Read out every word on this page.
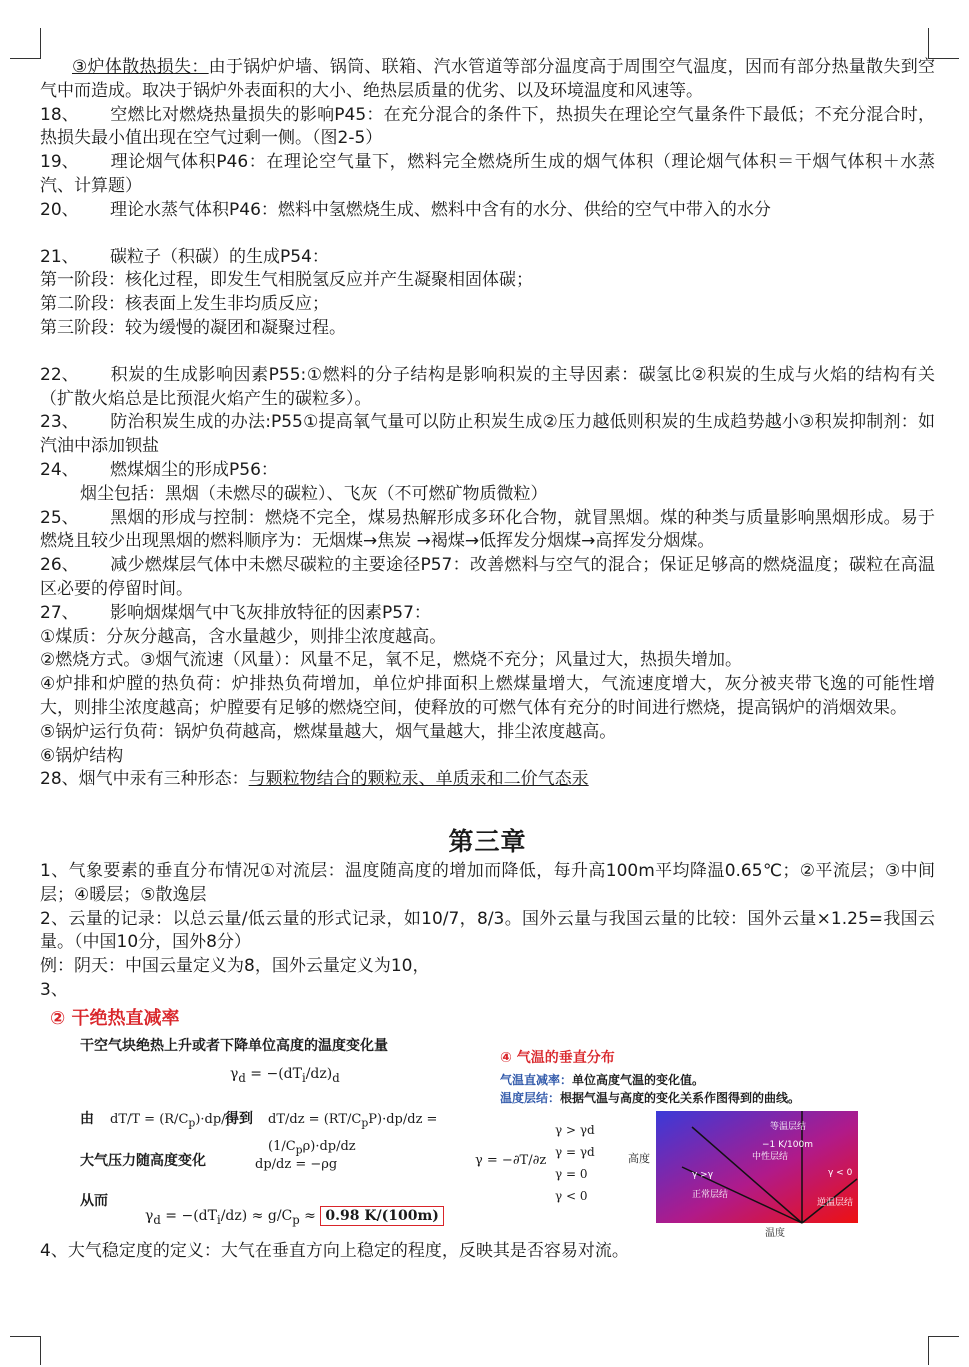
③炉体散热损失：由于锅炉炉墙、锅筒、联箱、汽水管道等部分温度高于周围空气温度，因而有部分热量散失到空气中而造成。取决于锅炉外表面积的大小、绝热层质量的优劣、以及环境温度和风速等。

18、 空燃比对燃烧热量损失的影响P45：在充分混合的条件下，热损失在理论空气量条件下最低；不充分混合时，热损失最小值出现在空气过剩一侧。（图2-5）

19、 理论烟气体积P46：在理论空气量下，燃料完全燃烧所生成的烟气体积（理论烟气体积＝干烟气体积＋水蒸汽、计算题）

20、 理论水蒸气体积P46：燃料中氢燃烧生成、燃料中含有的水分、供给的空气中带入的水分

21、 碳粒子（积碳）的生成P54：

第一阶段：核化过程，即发生气相脱氢反应并产生凝聚相固体碳；

第二阶段：核表面上发生非均质反应；

第三阶段：较为缓慢的凝团和凝聚过程。

22、 积炭的生成影响因素P55:①燃料的分子结构是影响积炭的主导因素：碳氢比②积炭的生成与火焰的结构有关（扩散火焰总是比预混火焰产生的碳粒多）。

23、 防治积炭生成的办法:P55①提高氧气量可以防止积炭生成②压力越低则积炭的生成趋势越小③积炭抑制剂：如汽油中添加钡盐

24、 燃煤烟尘的形成P56：

烟尘包括：黑烟（未燃尽的碳粒）、飞灰（不可燃矿物质微粒）

25、 黑烟的形成与控制：燃烧不完全，煤易热解形成多环化合物，就冒黑烟。煤的种类与质量影响黑烟形成。易于燃烧且较少出现黑烟的燃料顺序为：无烟煤→焦炭 →褐煤→低挥发分烟煤→高挥发分烟煤。

26、 减少燃煤层气体中未燃尽碳粒的主要途径P57：改善燃料与空气的混合；保证足够高的燃烧温度；碳粒在高温区必要的停留时间。

27、 影响烟煤烟气中飞灰排放特征的因素P57：

①煤质：分灰分越高，含水量越少，则排尘浓度越高。

②燃烧方式。③烟气流速（风量）：风量不足，氧不足，燃烧不充分；风量过大，热损失增加。

④炉排和炉膛的热负荷：炉排热负荷增加，单位炉排面积上燃煤量增大，气流速度增大，灰分被夹带飞逸的可能性增大，则排尘浓度越高；炉膛要有足够的燃烧空间，使释放的可燃气体有充分的时间进行燃烧，提高锅炉的消烟效果。

⑤锅炉运行负荷：锅炉负荷越高，燃煤量越大，烟气量越大，排尘浓度越高。

⑥锅炉结构

28、烟气中汞有三种形态：与颗粒物结合的颗粒汞、单质汞和二价气态汞

第三章

1、气象要素的垂直分布情况①对流层：温度随高度的增加而降低，每升高100m平均降温0.65℃；②平流层；③中间层；④暖层；⑤散逸层

2、云量的记录：以总云量/低云量的形式记录，如10/7，8/3。国外云量与我国云量的比较：国外云量×1.25=我国云量。（中国10分，国外8分）

例：阴天：中国云量定义为8，国外云量定义为10，

3、

② 干绝热直减率
干空气块绝热上升或者下降单位高度的温度变化量
$\gamma_d = -(dT_i/dz)_d$
由 $dT/T = (R/C_p)\cdot dp/p$
得到 $dT/dz = (RT/C_pP)\cdot dp/dz = (1/C_p\rho)\cdot dp/dz$
大气压力随高度变化	dp/dz = −ρg
从而
$\gamma_d = -(dT_i/dz) \approx g/C_p \approx 0.98$ K/(100m)
④ 气温的垂直分布
气温直减率：单位高度气温的变化值。
温度层结：根据气温与高度的变化关系作图得到的曲线。
γ = −∂T/∂z
γ > γd
γ = γd
γ = 0
γ < 0
高度
等温层结
−1 K/100m
中性层结
γ >γ
正常层结
γ < 0
逆温层结
温度

4、大气稳定度的定义：大气在垂直方向上稳定的程度，反映其是否容易对流。
